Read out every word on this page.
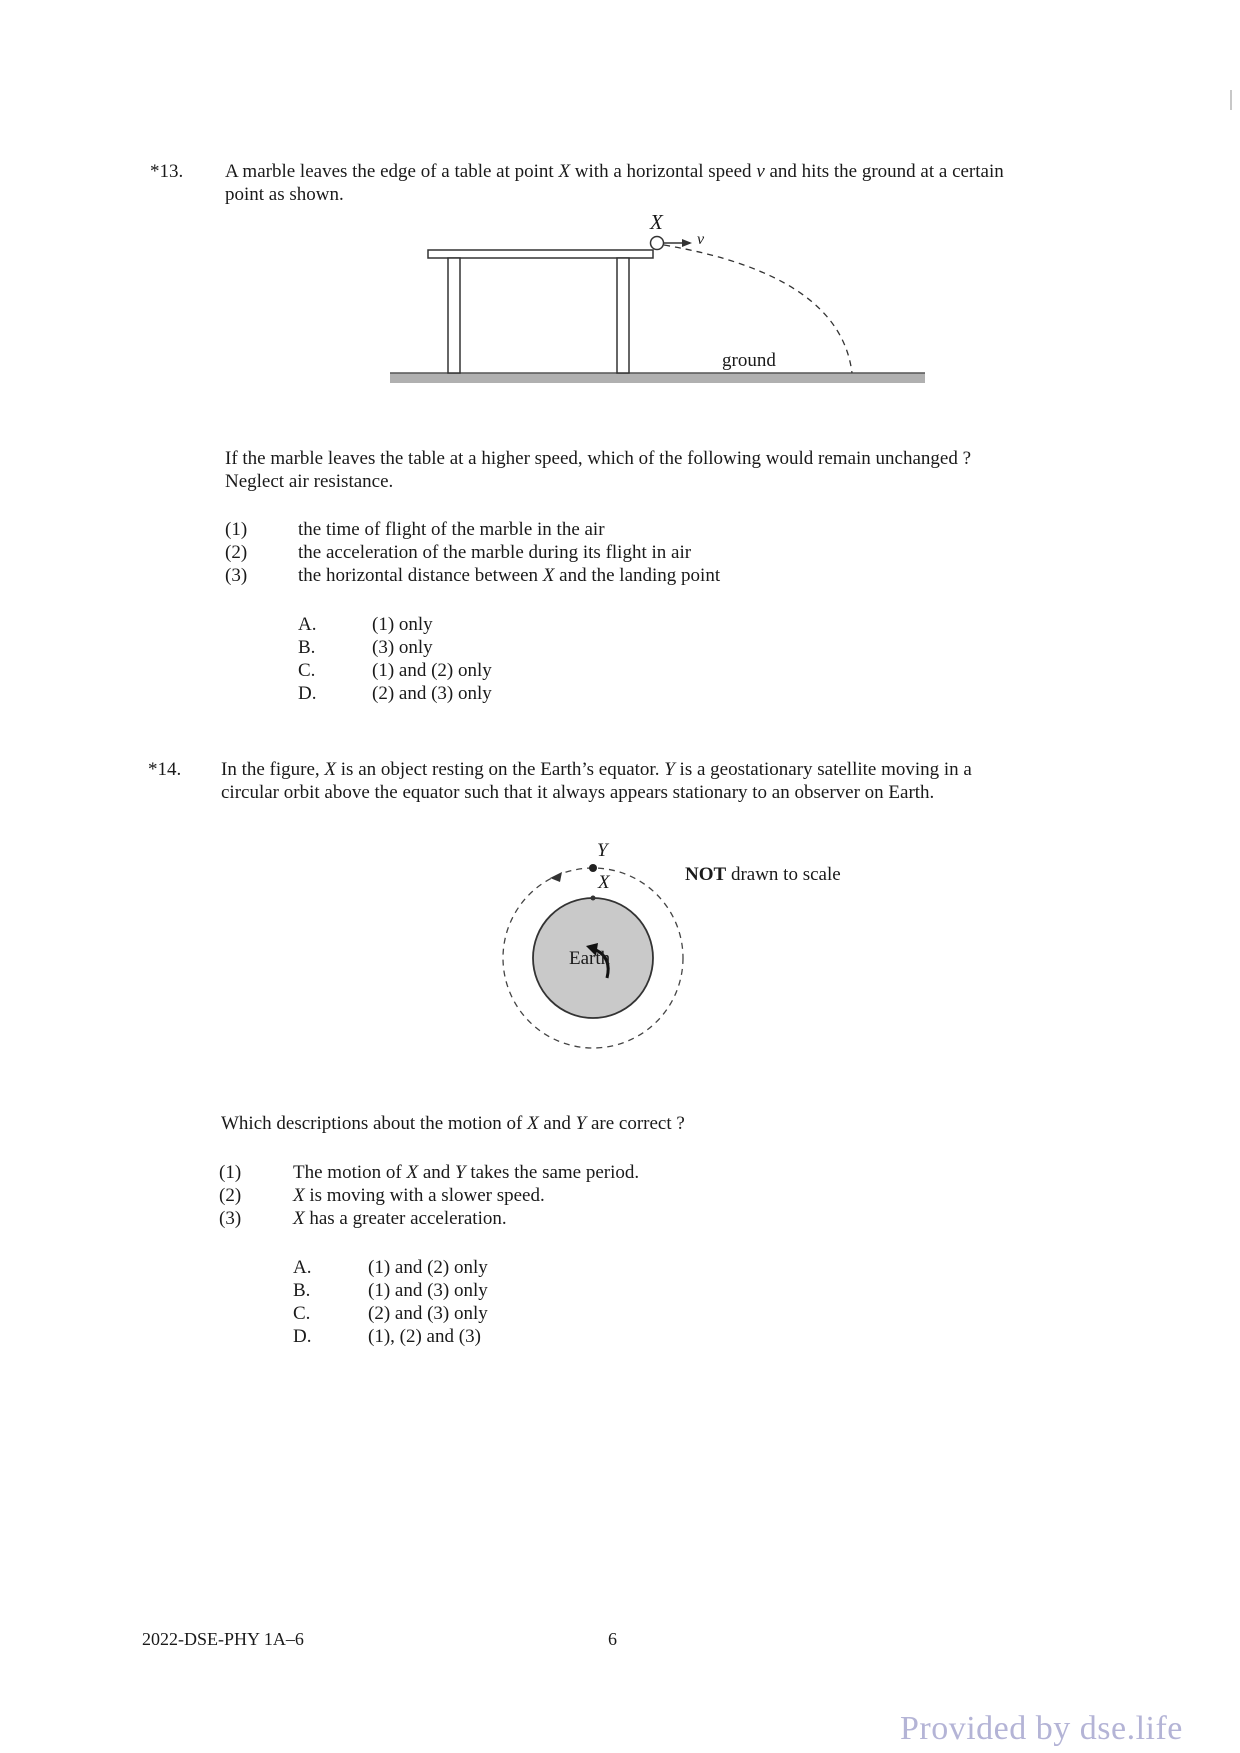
*13. A marble leaves the edge of a table at point X with a horizontal speed v and hits the ground at a certain
point as shown.
X
v
ground
If the marble leaves the table at a higher speed, which of the following would remain unchanged ?
Neglect air resistance.
(1)	the time of flight of the marble in the air
(2)	the acceleration of the marble during its flight in air
(3)	the horizontal distance between X and the landing point
A.	(1) only
B.	(3) only
C.	(1) and (2) only
D.	(2) and (3) only
*14. In the figure, X is an object resting on the Earth’s equator. Y is a geostationary satellite moving in a
circular orbit above the equator such that it always appears stationary to an observer on Earth.
Y
X
Earth
NOT drawn to scale
Which descriptions about the motion of X and Y are correct ?
(1)	The motion of X and Y takes the same period.
(2)	X is moving with a slower speed.
(3)	X has a greater acceleration.
A.	(1) and (2) only
B.	(1) and (3) only
C.	(2) and (3) only
D.	(1), (2) and (3)
2022-DSE-PHY 1A–6	6
Provided by dse.life
